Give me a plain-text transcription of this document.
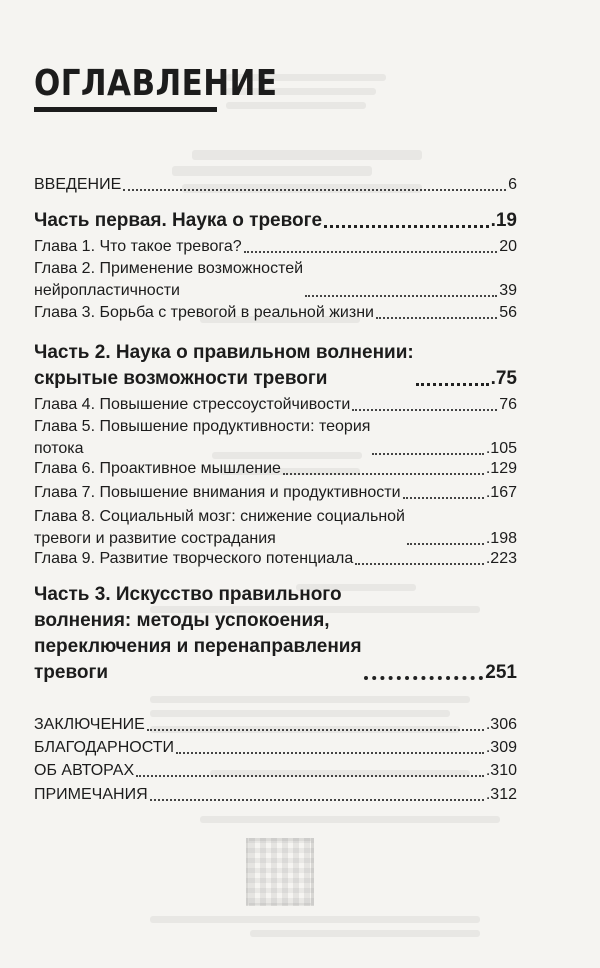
ОГЛАВЛЕНИЕ
ВВЕДЕНИЕ	6
Часть первая. Наука о тревоге	.19
Глава 1. Что такое тревога?	20
Глава 2. Применение возможностей
нейропластичности	39
Глава 3. Борьба с тревогой в реальной жизни	56
Часть 2. Наука о правильном волнении:
скрытые возможности тревоги	.75
Глава 4. Повышение стрессоустойчивости	76
Глава 5. Повышение продуктивности: теория
потока	.105
Глава 6. Проактивное мышление	.129
Глава 7. Повышение внимания и продуктивности	.167
Глава 8. Социальный мозг: снижение социальной
тревоги и развитие сострадания	.198
Глава 9. Развитие творческого потенциала	.223
Часть 3. Искусство правильного
волнения: методы успокоения,
переключения и перенаправления
тревоги	251
ЗАКЛЮЧЕНИЕ	.306
БЛАГОДАРНОСТИ	.309
ОБ АВТОРАХ	.310
ПРИМЕЧАНИЯ	.312
